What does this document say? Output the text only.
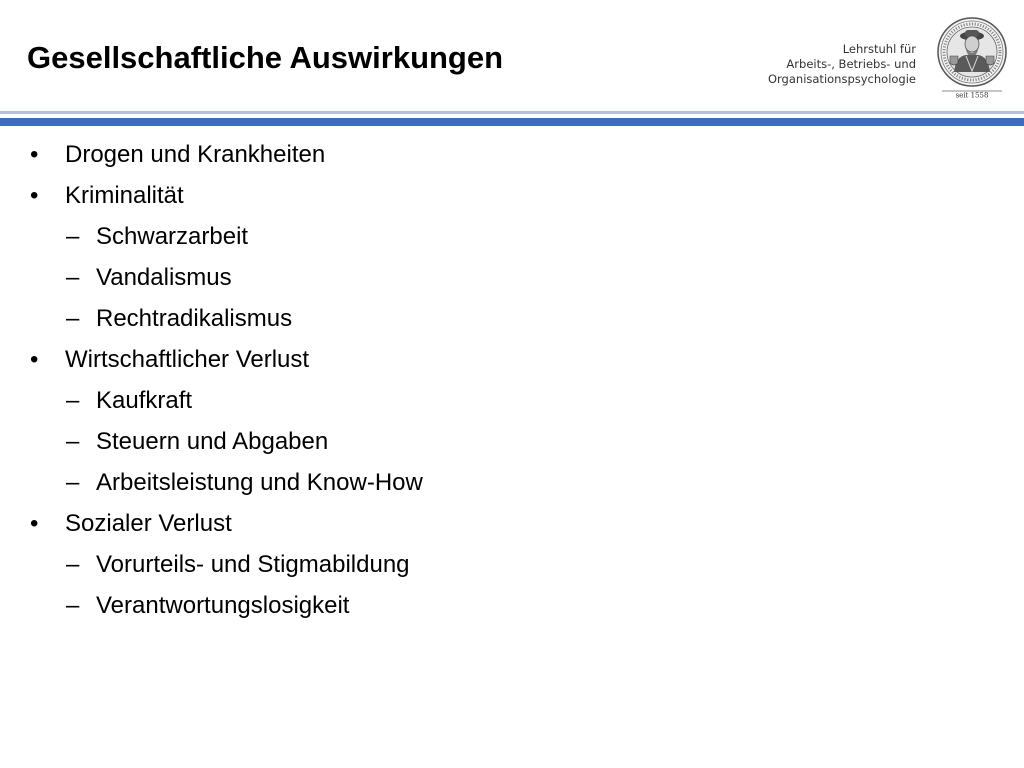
Gesellschaftliche Auswirkungen	Lehrstuhl für
Arbeits-, Betriebs- und
Organisationspsychologie
seit 1558
• Drogen und Krankheiten
• Kriminalität
– Schwarzarbeit
– Vandalismus
– Rechtradikalismus
• Wirtschaftlicher Verlust
– Kaufkraft
– Steuern und Abgaben
– Arbeitsleistung und Know-How
• Sozialer Verlust
– Vorurteils- und Stigmabildung
– Verantwortungslosigkeit
